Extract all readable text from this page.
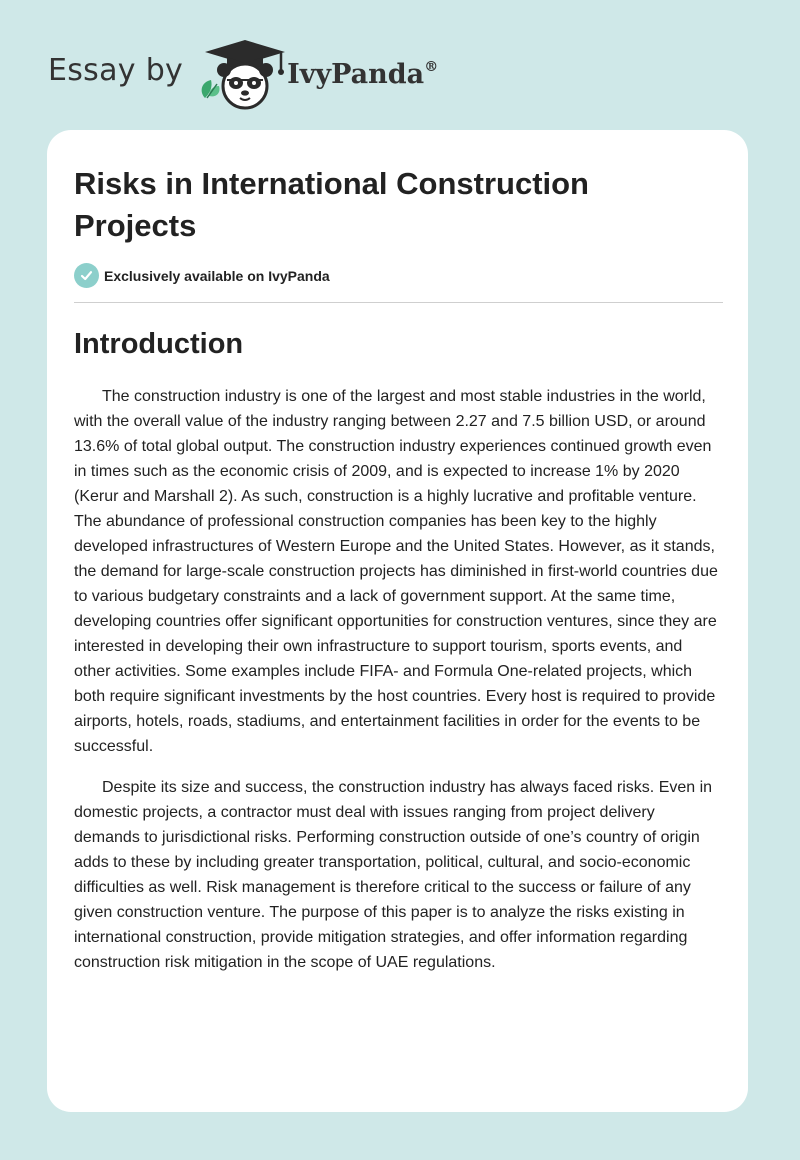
Essay by	IvyPanda®
Risks in International Construction Projects
Exclusively available on IvyPanda
Introduction

The construction industry is one of the largest and most stable industries in the world, with the overall value of the industry ranging between 2.27 and 7.5 billion USD, or around 13.6% of total global output. The construction industry experiences continued growth even in times such as the economic crisis of 2009, and is expected to increase 1% by 2020 (Kerur and Marshall 2). As such, construction is a highly lucrative and profitable venture. The abundance of professional construction companies has been key to the highly developed infrastructures of Western Europe and the United States. However, as it stands, the demand for large-scale construction projects has diminished in first-world countries due to various budgetary constraints and a lack of government support. At the same time, developing countries offer significant opportunities for construction ventures, since they are interested in developing their own infrastructure to support tourism, sports events, and other activities. Some examples include FIFA- and Formula One-related projects, which both require significant investments by the host countries. Every host is required to provide airports, hotels, roads, stadiums, and entertainment facilities in order for the events to be successful.

Despite its size and success, the construction industry has always faced risks. Even in domestic projects, a contractor must deal with issues ranging from project delivery demands to jurisdictional risks. Performing construction outside of one’s country of origin adds to these by including greater transportation, political, cultural, and socio-economic difficulties as well. Risk management is therefore critical to the success or failure of any given construction venture. The purpose of this paper is to analyze the risks existing in international construction, provide mitigation strategies, and offer information regarding construction risk mitigation in the scope of UAE regulations.
